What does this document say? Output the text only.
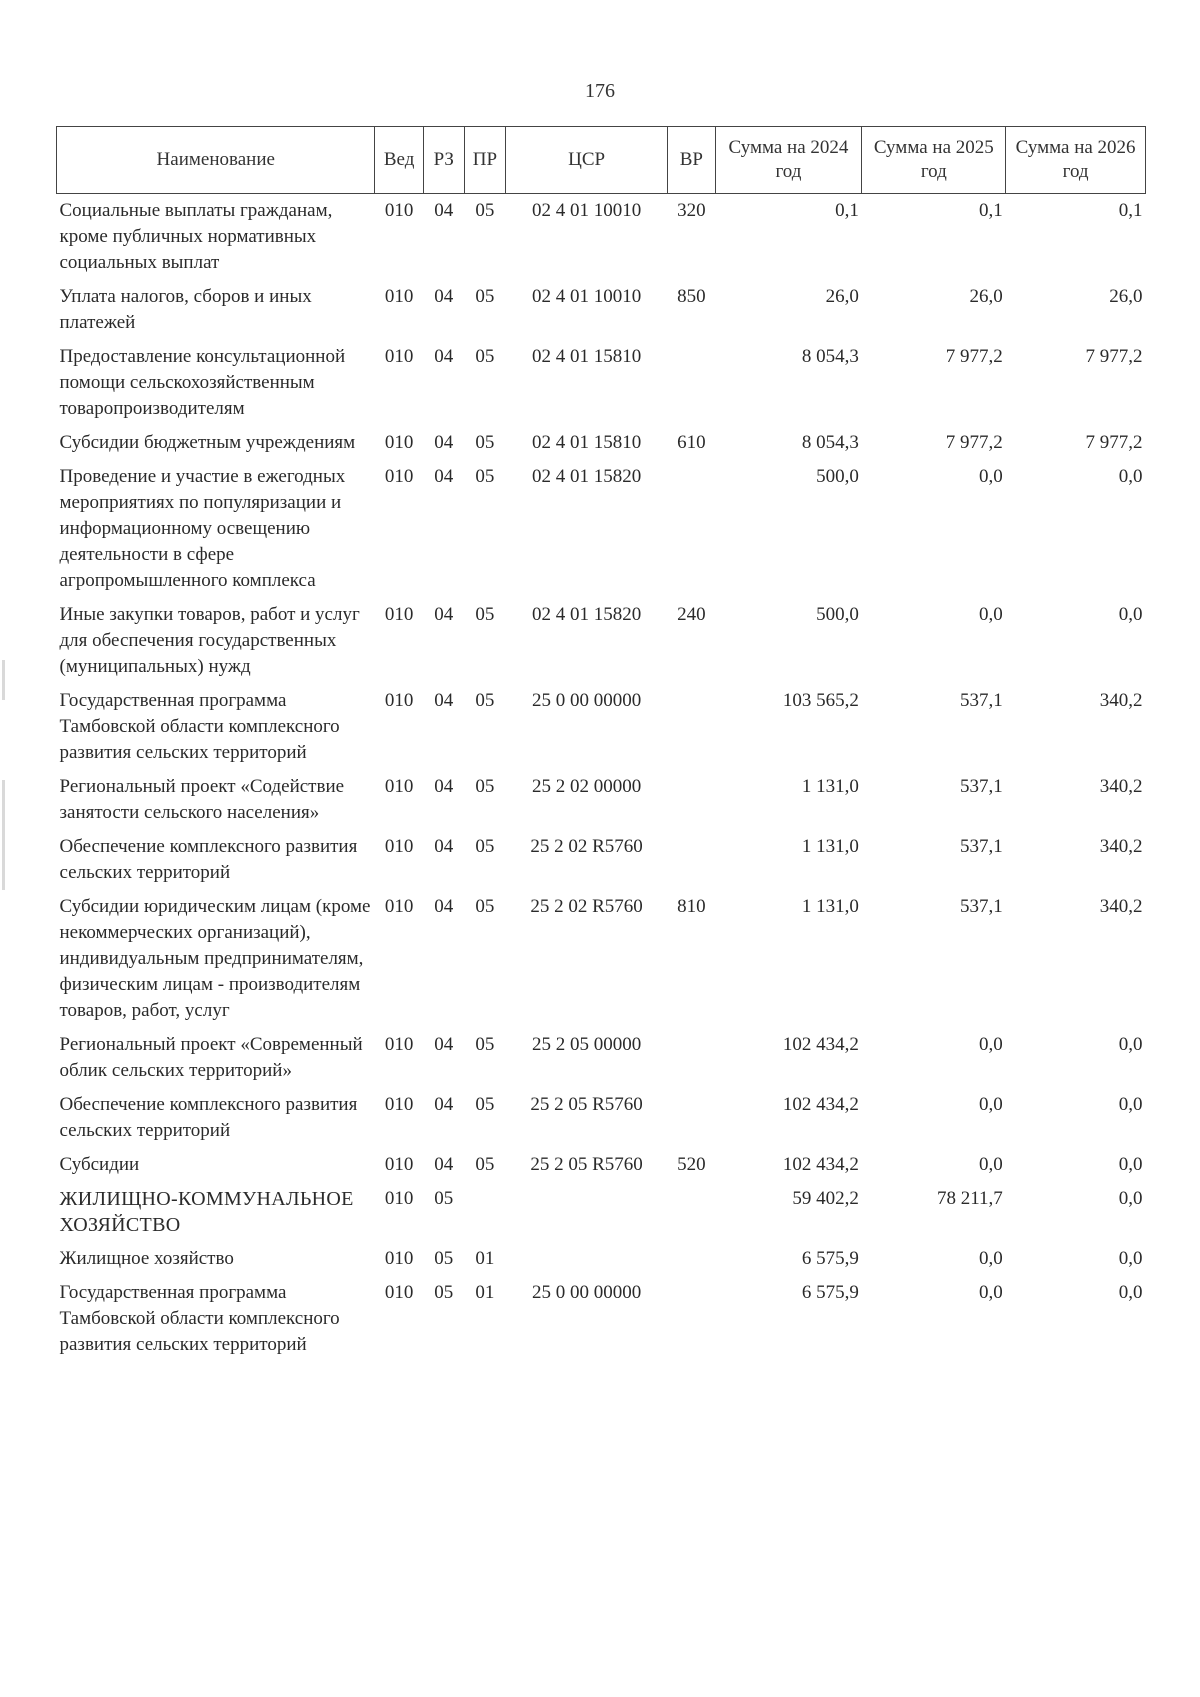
176
Наименование	Вед	РЗ	ПР	ЦСР	ВР	Сумма на 2024 год	Сумма на 2025 год	Сумма на 2026 год
Социальные выплаты гражданам, кроме публичных нормативных социальных выплат	010	04	05	02 4 01 10010	320	0,1	0,1	0,1
Уплата налогов, сборов и иных платежей	010	04	05	02 4 01 10010	850	26,0	26,0	26,0
Предоставление консультационной помощи сельскохозяйственным товаропроизводителям	010	04	05	02 4 01 15810		8 054,3	7 977,2	7 977,2
Субсидии бюджетным учреждениям	010	04	05	02 4 01 15810	610	8 054,3	7 977,2	7 977,2
Проведение и участие в ежегодных мероприятиях по популяризации и информационному освещению деятельности в сфере агропромышленного комплекса	010	04	05	02 4 01 15820		500,0	0,0	0,0
Иные закупки товаров, работ и услуг для обеспечения государственных (муниципальных) нужд	010	04	05	02 4 01 15820	240	500,0	0,0	0,0
Государственная программа Тамбовской области комплексного развития сельских территорий	010	04	05	25 0 00 00000		103 565,2	537,1	340,2
Региональный проект «Содействие занятости сельского населения»	010	04	05	25 2 02 00000		1 131,0	537,1	340,2
Обеспечение комплексного развития сельских территорий	010	04	05	25 2 02 R5760		1 131,0	537,1	340,2
Субсидии юридическим лицам (кроме некоммерческих организаций), индивидуальным предпринимателям, физическим лицам - производителям товаров, работ, услуг	010	04	05	25 2 02 R5760	810	1 131,0	537,1	340,2
Региональный проект «Современный облик сельских территорий»	010	04	05	25 2 05 00000		102 434,2	0,0	0,0
Обеспечение комплексного развития сельских территорий	010	04	05	25 2 05 R5760		102 434,2	0,0	0,0
Субсидии	010	04	05	25 2 05 R5760	520	102 434,2	0,0	0,0
ЖИЛИЩНО-КОММУНАЛЬНОЕ ХОЗЯЙСТВО	010	05				59 402,2	78 211,7	0,0
Жилищное хозяйство	010	05	01			6 575,9	0,0	0,0
Государственная программа Тамбовской области комплексного развития сельских территорий	010	05	01	25 0 00 00000		6 575,9	0,0	0,0
